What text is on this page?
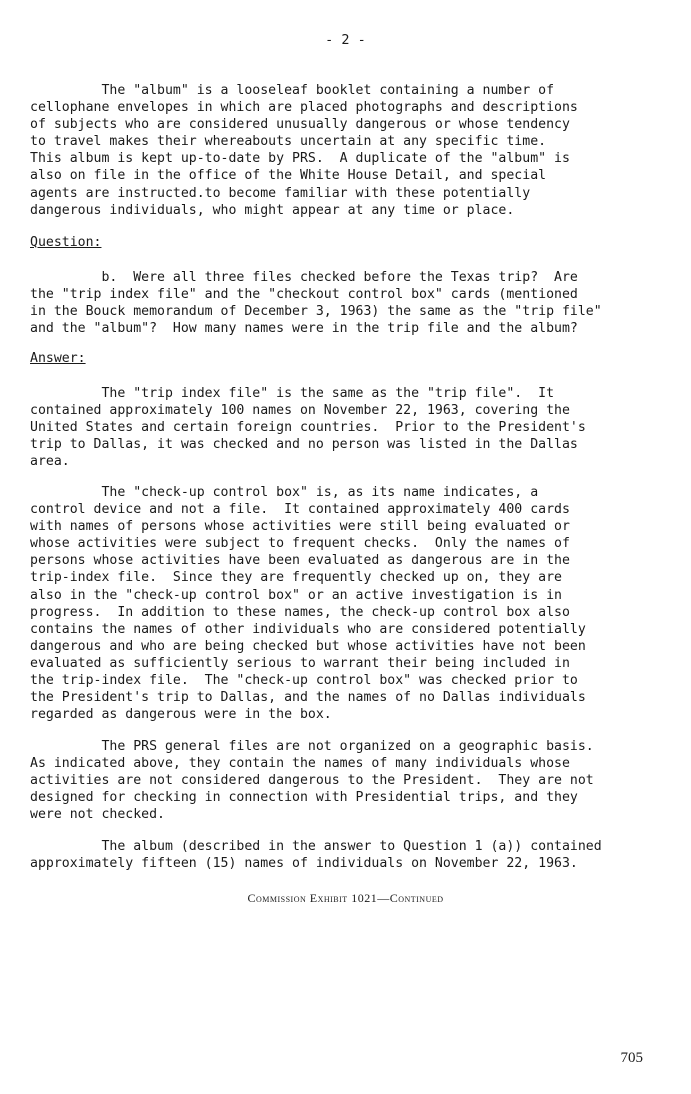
- 2 -
The "album" is a looseleaf booklet containing a number of
cellophane envelopes in which are placed photographs and descriptions
of subjects who are considered unusually dangerous or whose tendency
to travel makes their whereabouts uncertain at any specific time.
This album is kept up-to-date by PRS.  A duplicate of the "album" is
also on file in the office of the White House Detail, and special
agents are instructed.to become familiar with these potentially
dangerous individuals, who might appear at any time or place.
Question:
b.  Were all three files checked before the Texas trip?  Are
the "trip index file" and the "checkout control box" cards (mentioned
in the Bouck memorandum of December 3, 1963) the same as the "trip file"
and the "album"?  How many names were in the trip file and the album?
Answer:
The "trip index file" is the same as the "trip file".  It
contained approximately 100 names on November 22, 1963, covering the
United States and certain foreign countries.  Prior to the President's
trip to Dallas, it was checked and no person was listed in the Dallas
area.
The "check-up control box" is, as its name indicates, a
control device and not a file.  It contained approximately 400 cards
with names of persons whose activities were still being evaluated or
whose activities were subject to frequent checks.  Only the names of
persons whose activities have been evaluated as dangerous are in the
trip-index file.  Since they are frequently checked up on, they are
also in the "check-up control box" or an active investigation is in
progress.  In addition to these names, the check-up control box also
contains the names of other individuals who are considered potentially
dangerous and who are being checked but whose activities have not been
evaluated as sufficiently serious to warrant their being included in
the trip-index file.  The "check-up control box" was checked prior to
the President's trip to Dallas, and the names of no Dallas individuals
regarded as dangerous were in the box.
The PRS general files are not organized on a geographic basis.
As indicated above, they contain the names of many individuals whose
activities are not considered dangerous to the President.  They are not
designed for checking in connection with Presidential trips, and they
were not checked.
The album (described in the answer to Question 1 (a)) contained
approximately fifteen (15) names of individuals on November 22, 1963.
Commission Exhibit 1021—Continued
705
